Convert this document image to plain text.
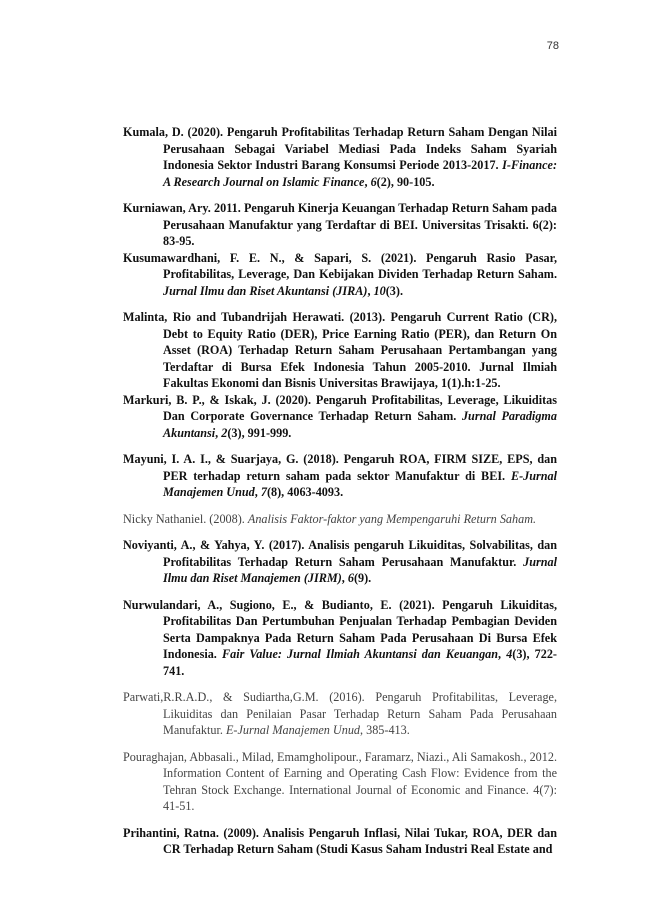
78
Kumala, D. (2020). Pengaruh Profitabilitas Terhadap Return Saham Dengan Nilai Perusahaan Sebagai Variabel Mediasi Pada Indeks Saham Syariah Indonesia Sektor Industri Barang Konsumsi Periode 2013-2017. I-Finance: A Research Journal on Islamic Finance, 6(2), 90-105.
Kurniawan, Ary. 2011. Pengaruh Kinerja Keuangan Terhadap Return Saham pada Perusahaan Manufaktur yang Terdaftar di BEI. Universitas Trisakti. 6(2): 83-95.
Kusumawardhani, F. E. N., & Sapari, S. (2021). Pengaruh Rasio Pasar, Profitabilitas, Leverage, Dan Kebijakan Dividen Terhadap Return Saham. Jurnal Ilmu dan Riset Akuntansi (JIRA), 10(3).
Malinta, Rio and Tubandrijah Herawati. (2013). Pengaruh Current Ratio (CR), Debt to Equity Ratio (DER), Price Earning Ratio (PER), dan Return On Asset (ROA) Terhadap Return Saham Perusahaan Pertambangan yang Terdaftar di Bursa Efek Indonesia Tahun 2005-2010. Jurnal Ilmiah Fakultas Ekonomi dan Bisnis Universitas Brawijaya, 1(1).h:1-25.
Markuri, B. P., & Iskak, J. (2020). Pengaruh Profitabilitas, Leverage, Likuiditas Dan Corporate Governance Terhadap Return Saham. Jurnal Paradigma Akuntansi, 2(3), 991-999.
Mayuni, I. A. I., & Suarjaya, G. (2018). Pengaruh ROA, FIRM SIZE, EPS, dan PER terhadap return saham pada sektor Manufaktur di BEI. E-Jurnal Manajemen Unud, 7(8), 4063-4093.
Nicky Nathaniel. (2008). Analisis Faktor-faktor yang Mempengaruhi Return Saham.
Noviyanti, A., & Yahya, Y. (2017). Analisis pengaruh Likuiditas, Solvabilitas, dan Profitabilitas Terhadap Return Saham Perusahaan Manufaktur. Jurnal Ilmu dan Riset Manajemen (JIRM), 6(9).
Nurwulandari, A., Sugiono, E., & Budianto, E. (2021). Pengaruh Likuiditas, Profitabilitas Dan Pertumbuhan Penjualan Terhadap Pembagian Deviden Serta Dampaknya Pada Return Saham Pada Perusahaan Di Bursa Efek Indonesia. Fair Value: Jurnal Ilmiah Akuntansi dan Keuangan, 4(3), 722-741.
Parwati,R.R.A.D., & Sudiartha,G.M. (2016). Pengaruh Profitabilitas, Leverage, Likuiditas dan Penilaian Pasar Terhadap Return Saham Pada Perusahaan Manufaktur. E-Jurnal Manajemen Unud, 385-413.
Pouraghajan, Abbasali., Milad, Emamgholipour., Faramarz, Niazi., Ali Samakosh., 2012. Information Content of Earning and Operating Cash Flow: Evidence from the Tehran Stock Exchange. International Journal of Economic and Finance. 4(7): 41-51.
Prihantini, Ratna. (2009). Analisis Pengaruh Inflasi, Nilai Tukar, ROA, DER dan CR Terhadap Return Saham (Studi Kasus Saham Industri Real Estate and
